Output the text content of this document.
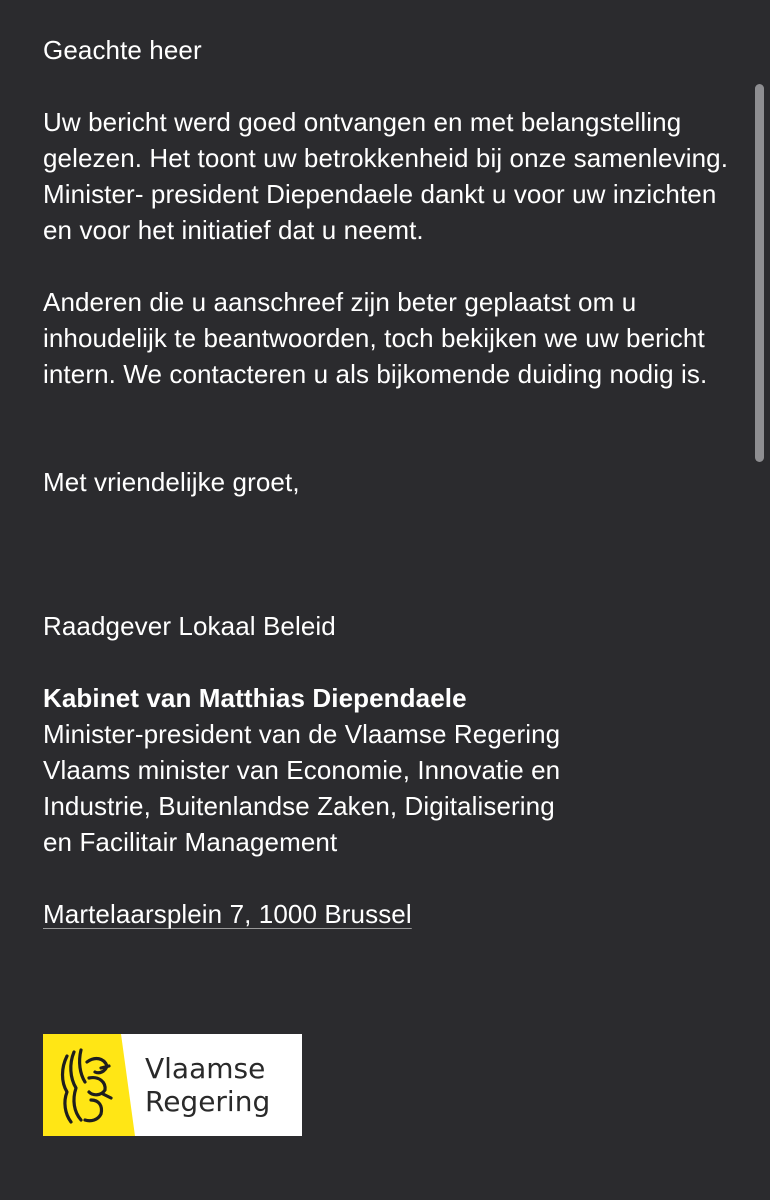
Geachte heer

Uw bericht werd goed ontvangen en met belangstelling gelezen. Het toont uw betrokkenheid bij onze samenleving. Minister- president Diependaele dankt u voor uw inzichten en voor het initiatief dat u neemt.

Anderen die u aanschreef zijn beter geplaatst om u inhoudelijk te beantwoorden, toch bekijken we uw bericht intern. We contacteren u als bijkomende duiding nodig is.

Met vriendelijke groet,

Raadgever Lokaal Beleid

Kabinet van Matthias Diependaele
Minister-president van de Vlaamse Regering
Vlaams minister van Economie, Innovatie en
Industrie, Buitenlandse Zaken, Digitalisering
en Facilitair Management

Martelaarsplein 7, 1000 Brussel

Vlaamse
Regering
